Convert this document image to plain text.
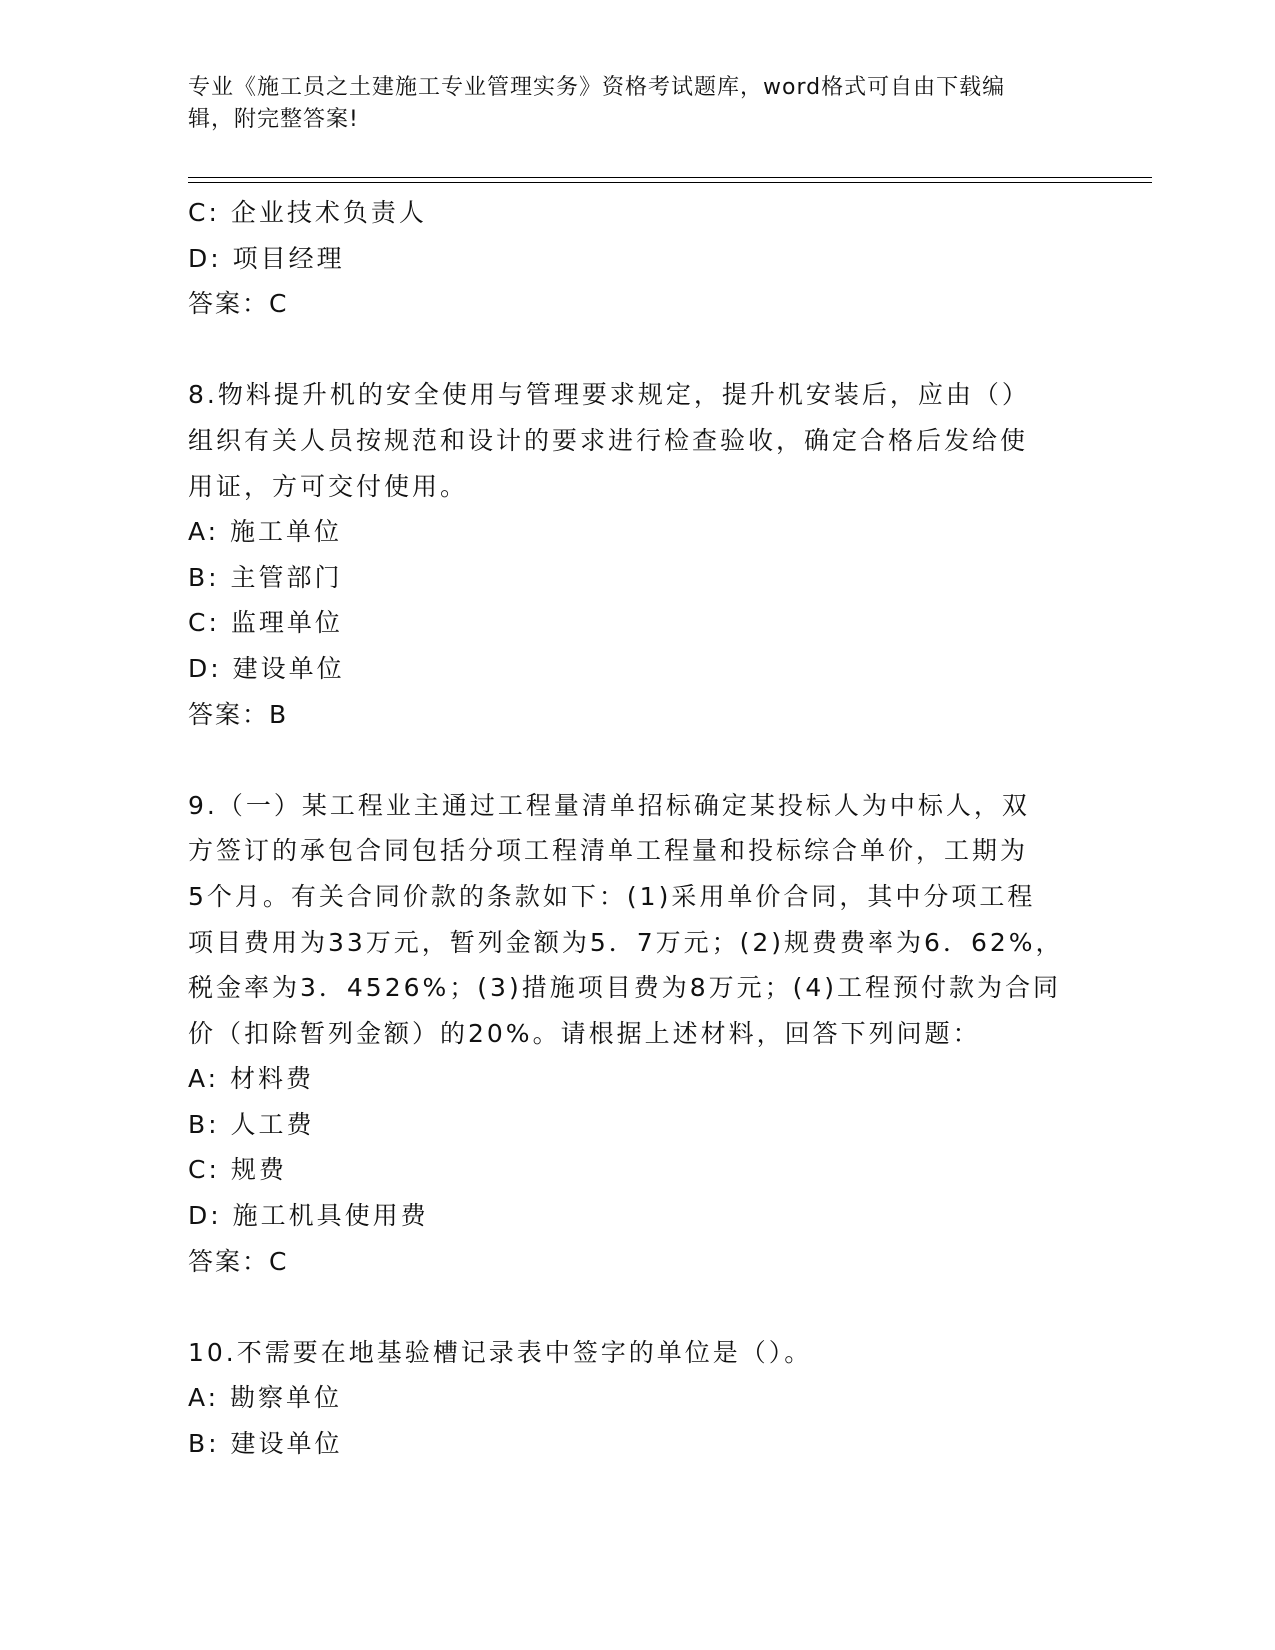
专业《施工员之土建施工专业管理实务》资格考试题库，word格式可自由下载编
辑，附完整答案!
C: 企业技术负责人
D: 项目经理
答案：C
8.物料提升机的安全使用与管理要求规定，提升机安装后，应由（）
组织有关人员按规范和设计的要求进行检查验收，确定合格后发给使
用证，方可交付使用。
A: 施工单位
B: 主管部门
C: 监理单位
D: 建设单位
答案：B
9.（一）某工程业主通过工程量清单招标确定某投标人为中标人，双
方签订的承包合同包括分项工程清单工程量和投标综合单价，工期为
5个月。有关合同价款的条款如下：(1)采用单价合同，其中分项工程
项目费用为33万元，暂列金额为5．7万元；(2)规费费率为6．62%，
税金率为3．4526%；(3)措施项目费为8万元；(4)工程预付款为合同
价（扣除暂列金额）的20%。请根据上述材料，回答下列问题：
A: 材料费
B: 人工费
C: 规费
D: 施工机具使用费
答案：C
10.不需要在地基验槽记录表中签字的单位是（）。
A: 勘察单位
B: 建设单位
